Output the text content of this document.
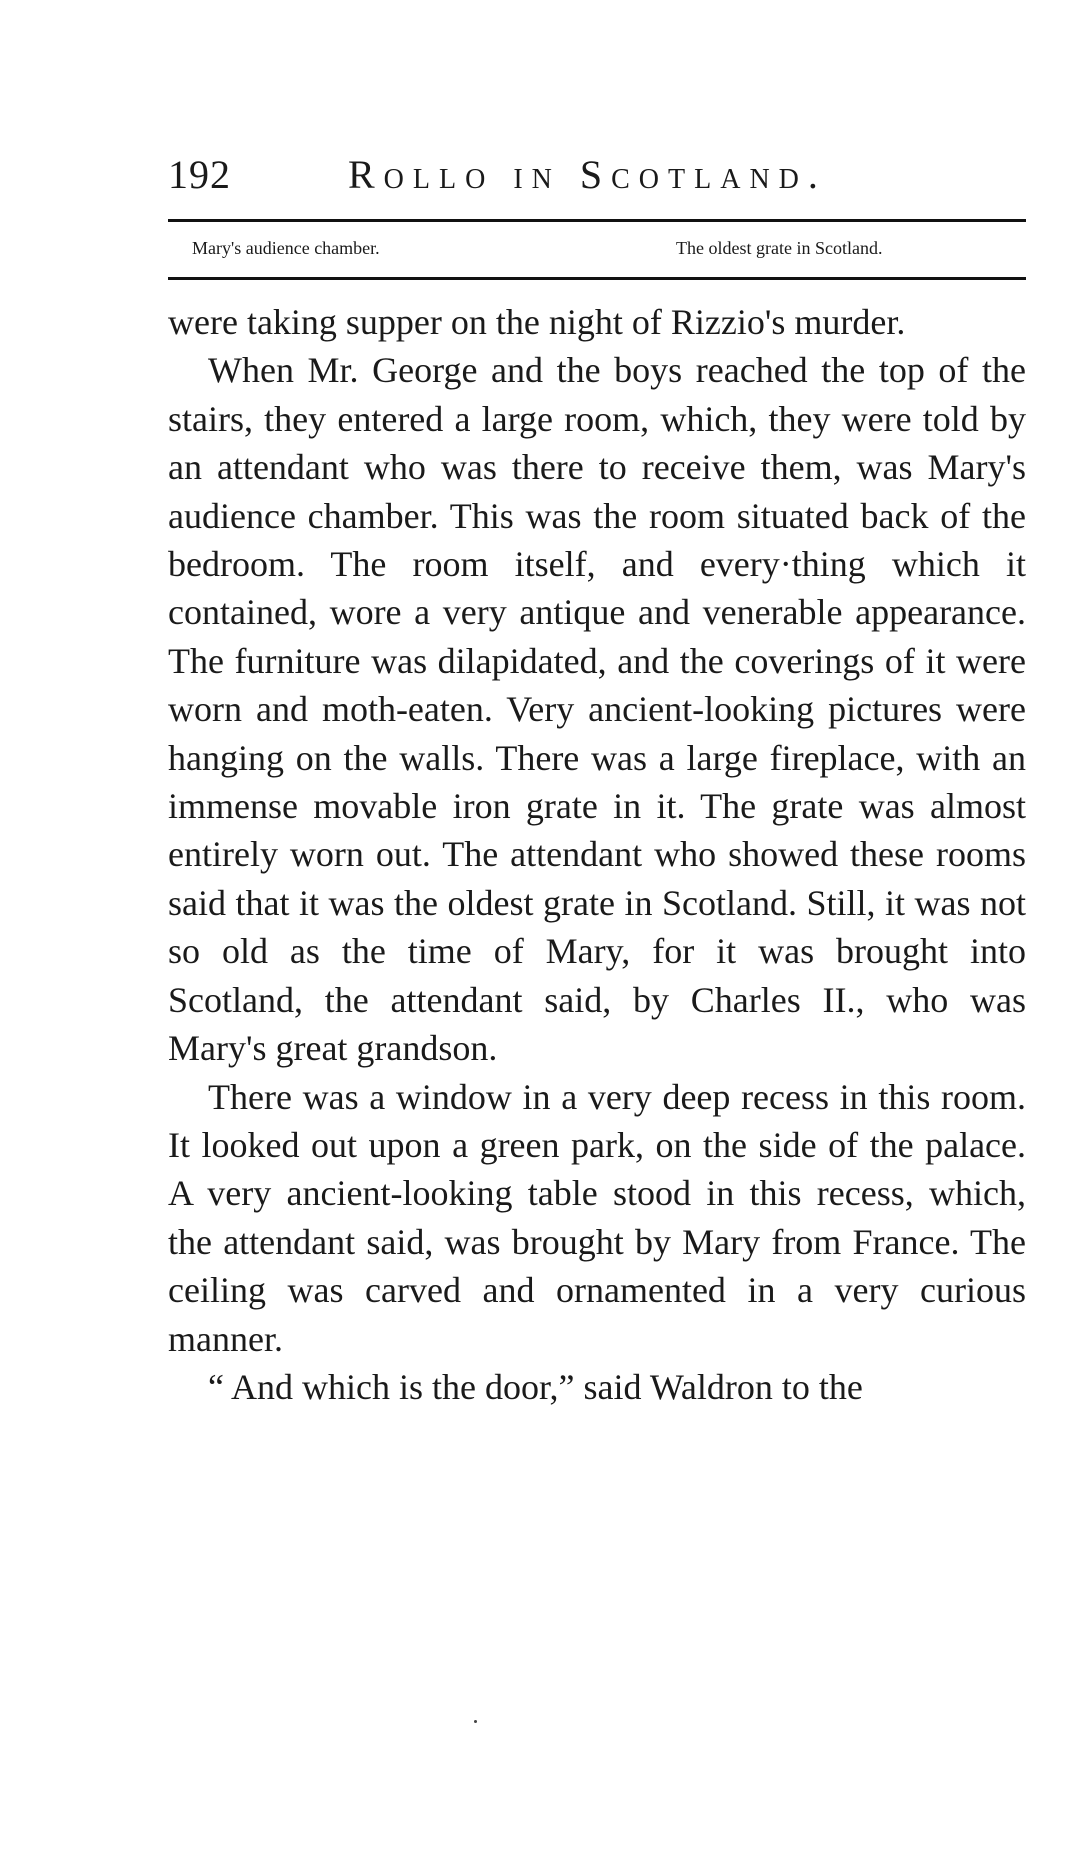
192	Rollo in Scotland.
Mary's audience chamber.	The oldest grate in Scotland.

were taking supper on the night of Rizzio's murder.

When Mr. George and the boys reached the top of the stairs, they entered a large room, which, they were told by an attendant who was there to receive them, was Mary's audience chamber. This was the room situated back of the bedroom. The room itself, and every·thing which it contained, wore a very antique and venerable appearance. The furniture was dilapidated, and the coverings of it were worn and moth-eaten. Very ancient-looking pictures were hanging on the walls. There was a large fireplace, with an immense movable iron grate in it. The grate was almost entirely worn out. The attendant who showed these rooms said that it was the oldest grate in Scotland. Still, it was not so old as the time of Mary, for it was brought into Scotland, the attendant said, by Charles II., who was Mary's great grandson.

There was a window in a very deep recess in this room. It looked out upon a green park, on the side of the palace. A very ancient-looking table stood in this recess, which, the attendant said, was brought by Mary from France. The ceiling was carved and ornamented in a very curious manner.

“ And which is the door,” said Waldron to the
